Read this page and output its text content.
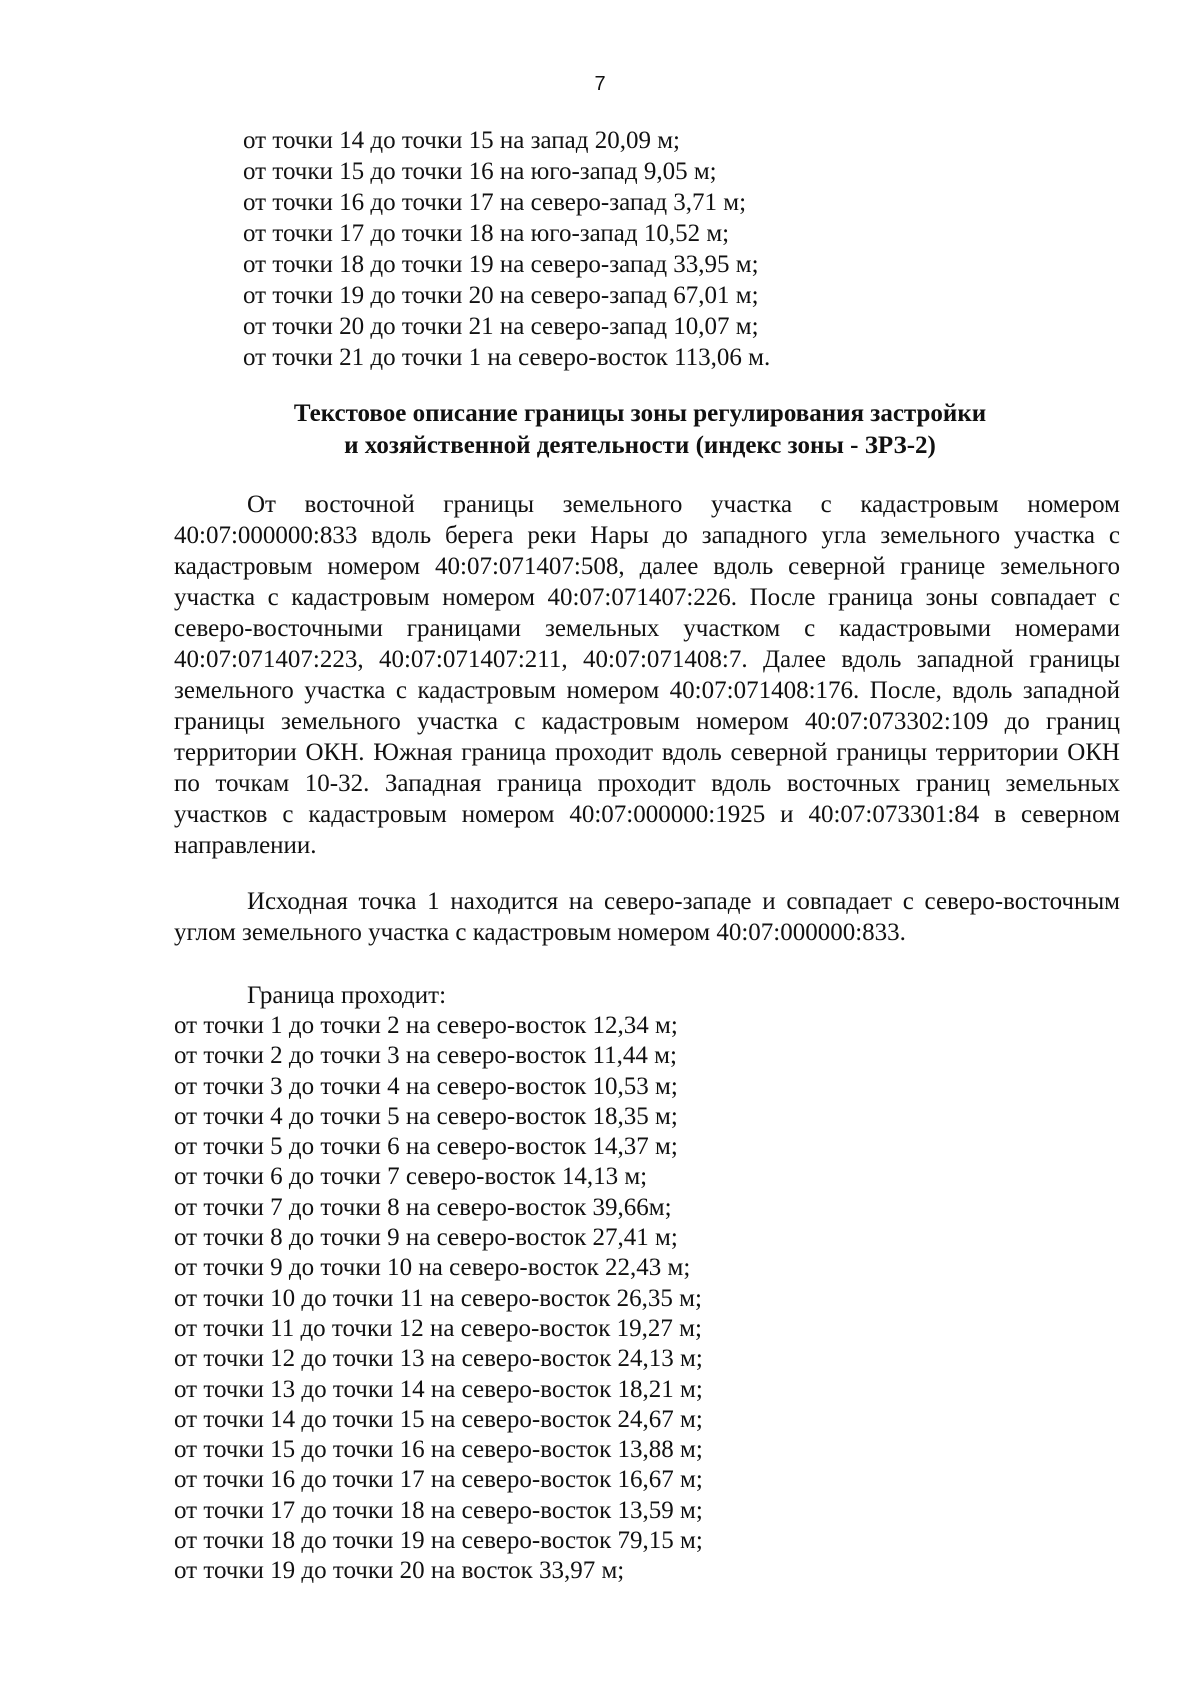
7
от точки 14 до точки 15 на запад 20,09 м;
от точки 15 до точки 16 на юго-запад 9,05 м;
от точки 16 до точки 17 на северо-запад 3,71 м;
от точки 17 до точки 18 на юго-запад 10,52 м;
от точки 18 до точки 19 на северо-запад 33,95 м;
от точки 19 до точки 20 на северо-запад 67,01 м;
от точки 20 до точки 21 на северо-запад 10,07 м;
от точки 21 до точки 1 на северо-восток 113,06 м.
Текстовое описание границы зоны регулирования застройки
и хозяйственной деятельности (индекс зоны - ЗРЗ-2)

От восточной границы земельного участка с кадастровым номером 40:07:000000:833 вдоль берега реки Нары до западного угла земельного участка с кадастровым номером 40:07:071407:508, далее вдоль северной границе земельного участка с кадастровым номером 40:07:071407:226. После граница зоны совпадает с северо-восточными границами земельных участком с кадастровыми номерами 40:07:071407:223, 40:07:071407:211, 40:07:071408:7. Далее вдоль западной границы земельного участка с кадастровым номером 40:07:071408:176. После, вдоль западной границы земельного участка с кадастровым номером 40:07:073302:109 до границ территории ОКН. Южная граница проходит вдоль северной границы территории ОКН по точкам 10-32. Западная граница проходит вдоль восточных границ земельных участков с кадастровым номером 40:07:000000:1925 и 40:07:073301:84 в северном направлении.

Исходная точка 1 находится на северо-западе и совпадает с северо-восточным углом земельного участка с кадастровым номером 40:07:000000:833.

Граница проходит:
от точки 1 до точки 2 на северо-восток 12,34 м;
от точки 2 до точки 3 на северо-восток 11,44 м;
от точки 3 до точки 4 на северо-восток 10,53 м;
от точки 4 до точки 5 на северо-восток 18,35 м;
от точки 5 до точки 6 на северо-восток 14,37 м;
от точки 6 до точки 7 северо-восток 14,13 м;
от точки 7 до точки 8 на северо-восток 39,66м;
от точки 8 до точки 9 на северо-восток 27,41 м;
от точки 9 до точки 10 на северо-восток 22,43 м;
от точки 10 до точки 11 на северо-восток 26,35 м;
от точки 11 до точки 12 на северо-восток 19,27 м;
от точки 12 до точки 13 на северо-восток 24,13 м;
от точки 13 до точки 14 на северо-восток 18,21 м;
от точки 14 до точки 15 на северо-восток 24,67 м;
от точки 15 до точки 16 на северо-восток 13,88 м;
от точки 16 до точки 17 на северо-восток 16,67 м;
от точки 17 до точки 18 на северо-восток 13,59 м;
от точки 18 до точки 19 на северо-восток 79,15 м;
от точки 19 до точки 20 на восток 33,97 м;
